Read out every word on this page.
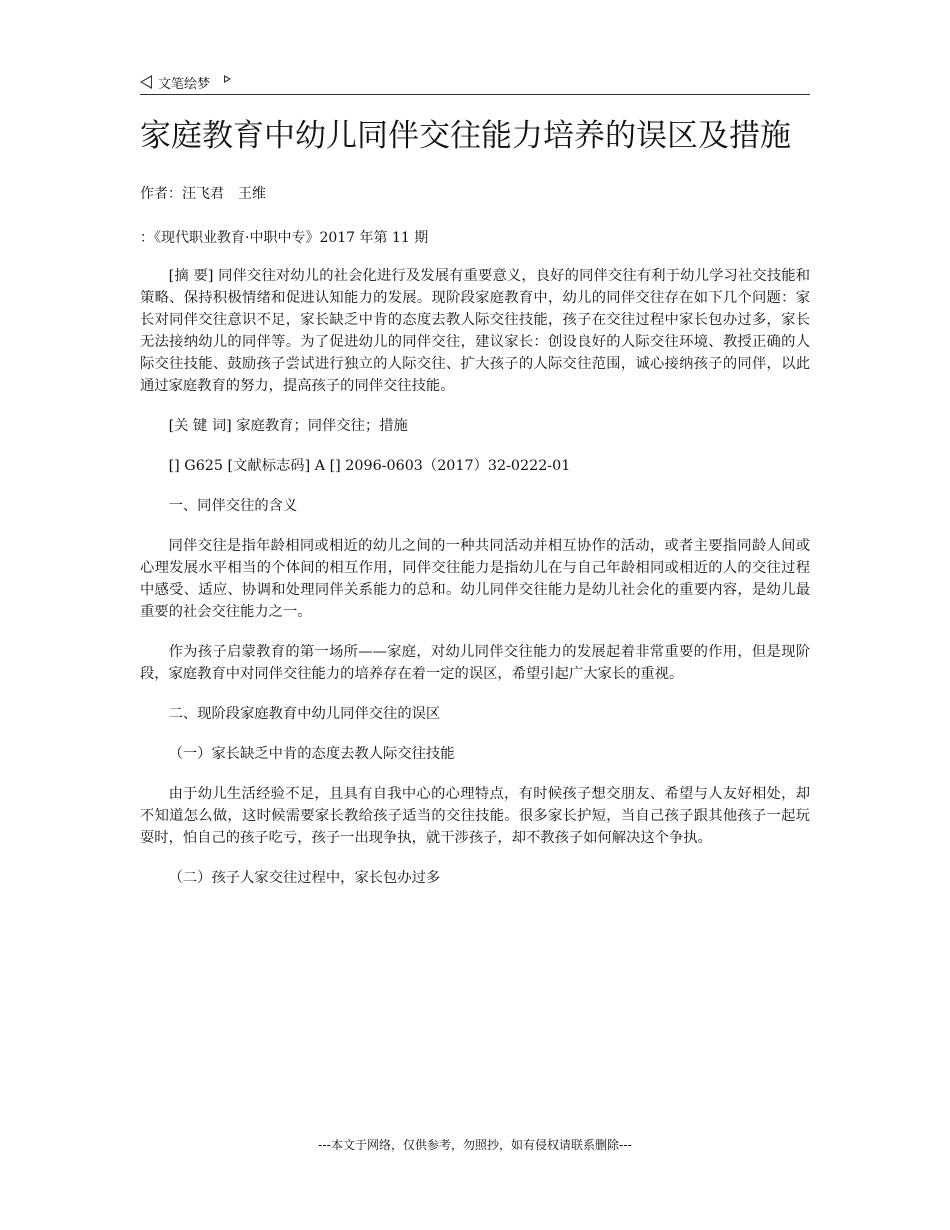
文笔绘梦
家庭教育中幼儿同伴交往能力培养的误区及措施

作者：汪飞君　王维

：《现代职业教育·中职中专》2017 年第 11 期

[摘 要] 同伴交往对幼儿的社会化进行及发展有重要意义，良好的同伴交往有利于幼儿学习社交技能和策略、保持积极情绪和促进认知能力的发展。现阶段家庭教育中，幼儿的同伴交往存在如下几个问题：家长对同伴交往意识不足，家长缺乏中肯的态度去教人际交往技能，孩子在交往过程中家长包办过多，家长无法接纳幼儿的同伴等。为了促进幼儿的同伴交往，建议家长：创设良好的人际交往环境、教授正确的人际交往技能、鼓励孩子尝试进行独立的人际交往、扩大孩子的人际交往范围，诚心接纳孩子的同伴，以此通过家庭教育的努力，提高孩子的同伴交往技能。

[关 键 词] 家庭教育；同伴交往；措施

[] G625 [文献标志码] A [] 2096-0603（2017）32-0222-01

一、同伴交往的含义

同伴交往是指年龄相同或相近的幼儿之间的一种共同活动并相互协作的活动，或者主要指同龄人间或心理发展水平相当的个体间的相互作用，同伴交往能力是指幼儿在与自己年龄相同或相近的人的交往过程中感受、适应、协调和处理同伴关系能力的总和。幼儿同伴交往能力是幼儿社会化的重要内容，是幼儿最重要的社会交往能力之一。

作为孩子启蒙教育的第一场所——家庭，对幼儿同伴交往能力的发展起着非常重要的作用，但是现阶段，家庭教育中对同伴交往能力的培养存在着一定的误区，希望引起广大家长的重视。

二、现阶段家庭教育中幼儿同伴交往的误区

（一）家长缺乏中肯的态度去教人际交往技能

由于幼儿生活经验不足，且具有自我中心的心理特点，有时候孩子想交朋友、希望与人友好相处，却不知道怎么做，这时候需要家长教给孩子适当的交往技能。很多家长护短，当自己孩子跟其他孩子一起玩耍时，怕自己的孩子吃亏，孩子一出现争执，就干涉孩子，却不教孩子如何解决这个争执。

（二）孩子人家交往过程中，家长包办过多

---本文于网络，仅供参考，勿照抄，如有侵权请联系删除---
